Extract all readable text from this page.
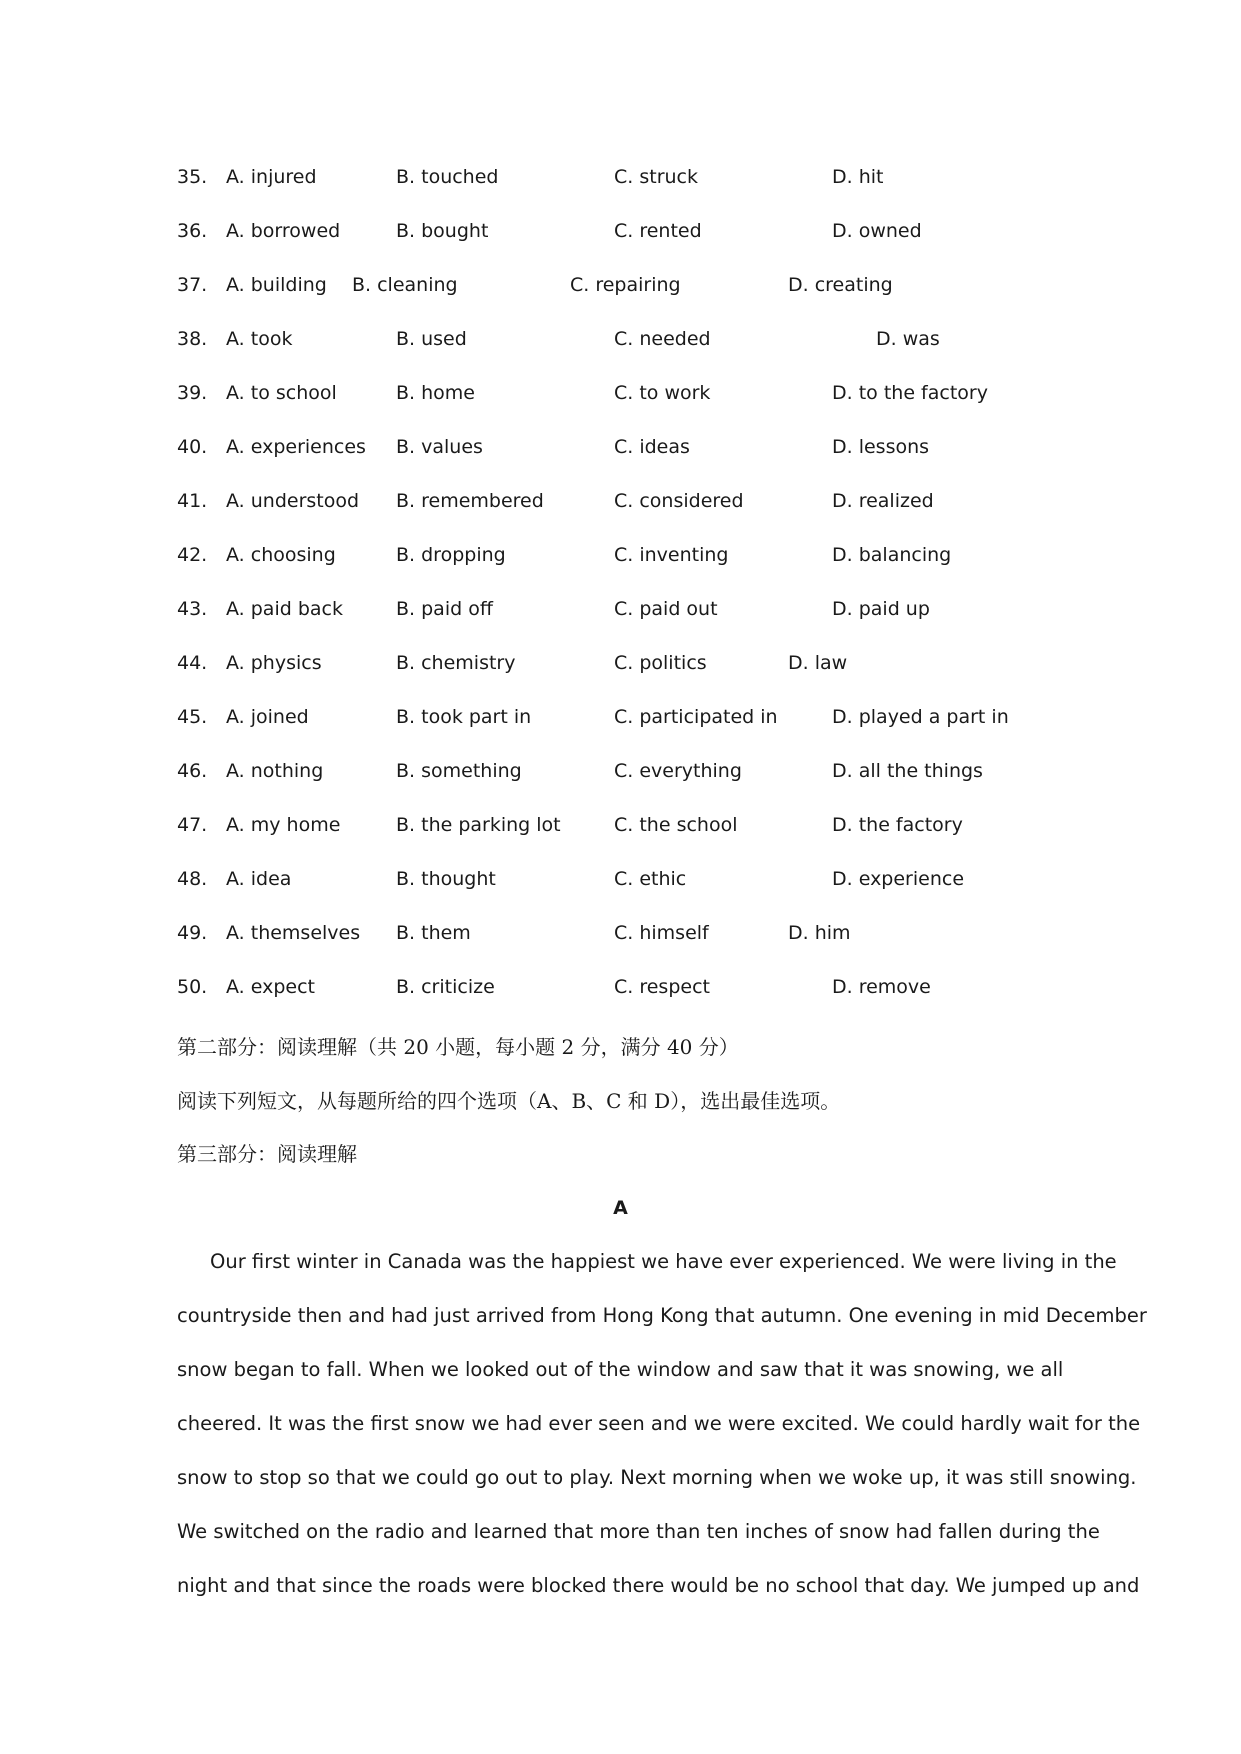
35. A. injured	B. touched	C. struck	D. hit
36. A. borrowed	B. bought	C. rented	D. owned
37. A. building B. cleaning	C. repairing	D. creating
38. A. took	B. used	C. needed	D. was
39. A. to school	B. home	C. to work	D. to the factory
40. A. experiences B. values	C. ideas	D. lessons
41. A. understood B. remembered	C. considered	D. realized
42. A. choosing	B. dropping	C. inventing	D. balancing
43. A. paid back	B. paid off	C. paid out	D. paid up
44. A. physics	B. chemistry	C. politics	D. law
45. A. joined	B. took part in	C. participated in	D. played a part in
46. A. nothing	B. something	C. everything	D. all the things
47. A. my home	B. the parking lot	C. the school	D. the factory
48. A. idea	B. thought	C. ethic	D. experience
49. A. themselves B. them	C. himself	D. him
50. A. expect	B. criticize	C. respect	D. remove
第二部分：阅读理解（共 20 小题，每小题 2 分，满分 40 分）
阅读下列短文，从每题所给的四个选项（A、B、C 和 D），选出最佳选项。
第三部分：阅读理解
A
Our first winter in Canada was the happiest we have ever experienced. We were living in the
countryside then and had just arrived from Hong Kong that autumn. One evening in mid December
snow began to fall. When we looked out of the window and saw that it was snowing, we all
cheered. It was the first snow we had ever seen and we were excited. We could hardly wait for the
snow to stop so that we could go out to play. Next morning when we woke up, it was still snowing.
We switched on the radio and learned that more than ten inches of snow had fallen during the
night and that since the roads were blocked there would be no school that day. We jumped up and
